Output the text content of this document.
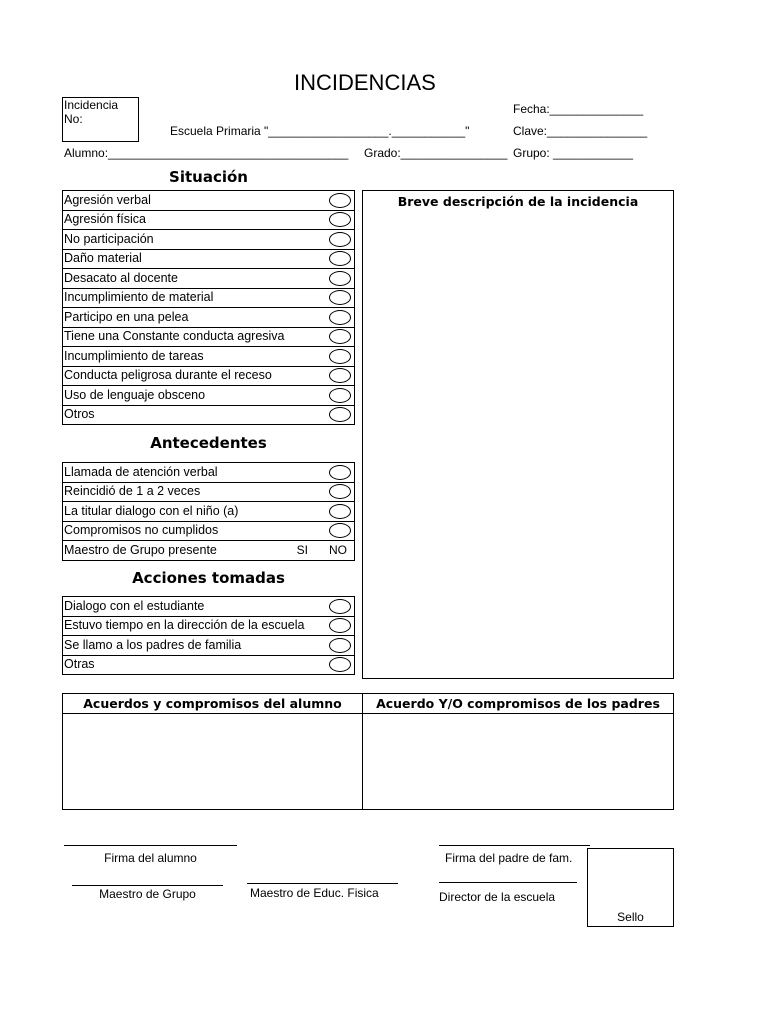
INCIDENCIAS
Incidencia
No:
Fecha:______________
Clave:_______________
Escuela Primaria "__________________.___________"
Alumno:____________________________________ Grado:________________ Grupo: ____________
Situación
Agresión verbal	
Agresión física	
No participación	
Daño material	
Desacato al docente	
Incumplimiento de material	
Participo en una pelea	
Tiene una Constante conducta agresiva	
Incumplimiento de tareas	
Conducta peligrosa durante el receso	
Uso de lenguaje obsceno	
Otros	
Breve descripción de la incidencia
Antecedentes
Llamada de atención verbal	
Reincidió de 1 a 2 veces	
La titular dialogo con el niño (a)	
Compromisos no cumplidos	

Maestro de Grupo presente SI NO	
Acciones tomadas
Dialogo con el estudiante	
Estuvo tiempo en la dirección de la escuela	
Se llamo a los padres de familia	
Otras	
Acuerdos y compromisos del alumno	Acuerdo Y/O compromisos de los padres
Firma del alumno	Firma del padre de fam.
Maestro de Grupo	Maestro de Educ. Fisica	Director de la escuela
Sello
